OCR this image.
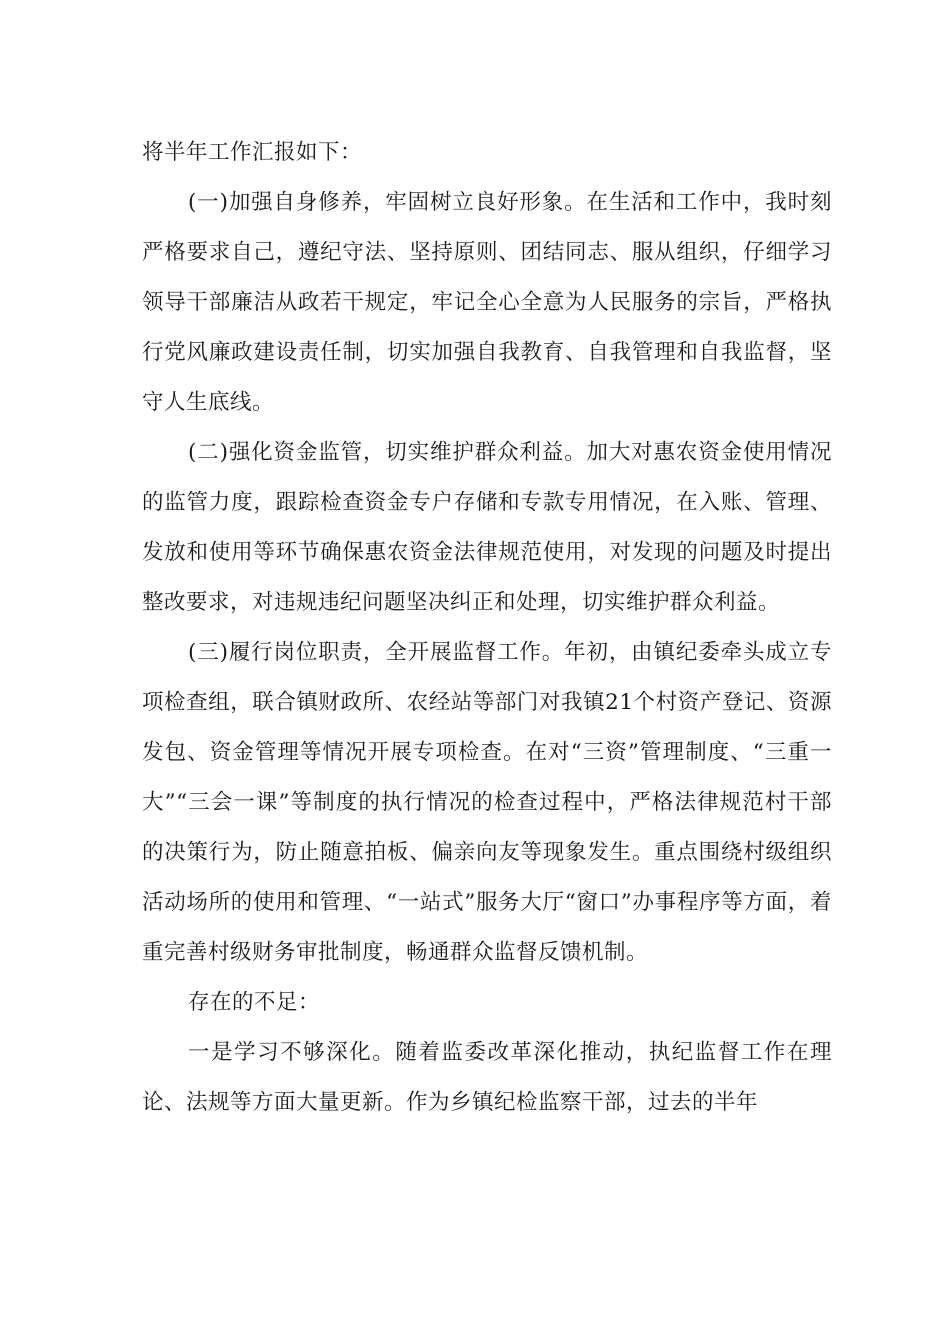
将半年工作汇报如下：

(一)加强自身修养，牢固树立良好形象。在生活和工作中，我时刻严格要求自己，遵纪守法、坚持原则、团结同志、服从组织，仔细学习领导干部廉洁从政若干规定，牢记全心全意为人民服务的宗旨，严格执行党风廉政建设责任制，切实加强自我教育、自我管理和自我监督，坚守人生底线。

(二)强化资金监管，切实维护群众利益。加大对惠农资金使用情况的监管力度，跟踪检查资金专户存储和专款专用情况，在入账、管理、发放和使用等环节确保惠农资金法律规范使用，对发现的问题及时提出整改要求，对违规违纪问题坚决纠正和处理，切实维护群众利益。

(三)履行岗位职责，全开展监督工作。年初，由镇纪委牵头成立专项检查组，联合镇财政所、农经站等部门对我镇21个村资产登记、资源发包、资金管理等情况开展专项检查。在对“三资”管理制度、“三重一大”“三会一课”等制度的执行情况的检查过程中，严格法律规范村干部的决策行为，防止随意拍板、偏亲向友等现象发生。重点围绕村级组织活动场所的使用和管理、“一站式”服务大厅“窗口”办事程序等方面，着重完善村级财务审批制度，畅通群众监督反馈机制。

存在的不足：

一是学习不够深化。随着监委改革深化推动，执纪监督工作在理论、法规等方面大量更新。作为乡镇纪检监察干部，过去的半年
